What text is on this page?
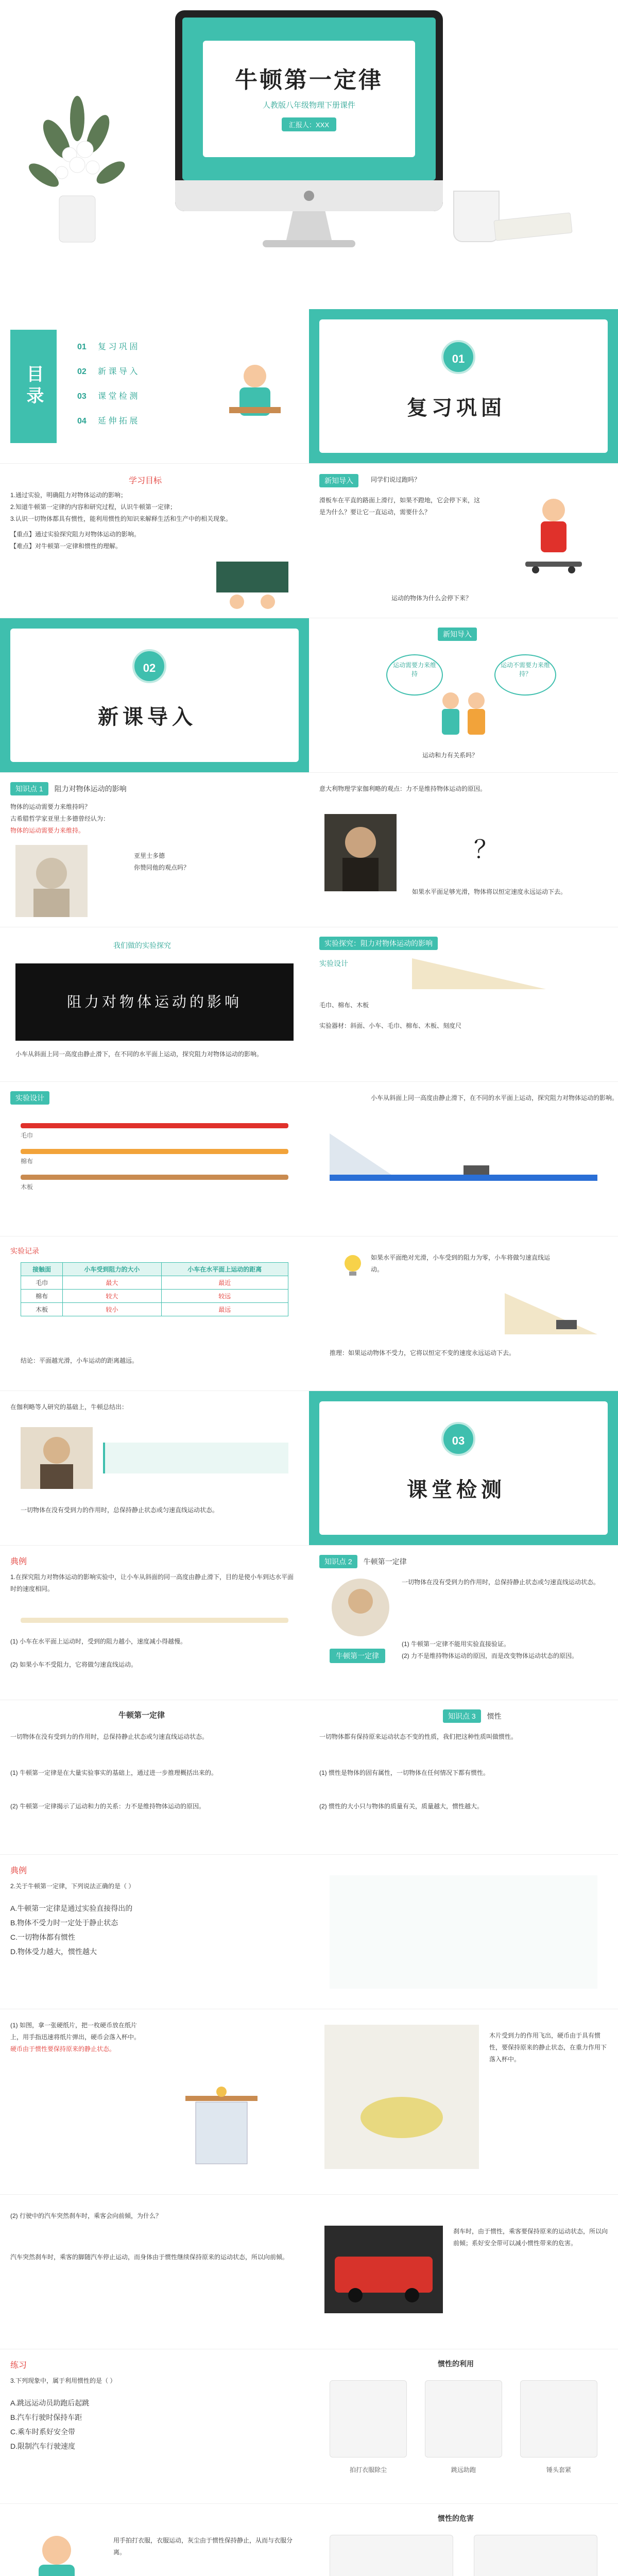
牛顿第一定律
人教版八年级物理下册课件
汇报人：XXX
目录
01 复 习 巩 固
02 新 课 导 入
03 课 堂 检 测
04 延 伸 拓 展
01
复习巩固
学习目标
1.通过实验，明确阻力对物体运动的影响；
2.知道牛顿第一定律的内容和研究过程，认识牛顿第一定律；
3.认识一切物体都具有惯性，能利用惯性的知识来解释生活和生产中的相关现象。
【重点】通过实验探究阻力对物体运动的影响。
【难点】对牛顿第一定律和惯性的理解。
新知导入	同学们说过跑吗？
滑板车在平直的路面上滑行，如果不蹬地，它会停下来，这是为什么？要让它一直运动，需要什么？
运动的物体为什么会停下来？
02
新课导入
新知导入
运动需要力来维持
运动不需要力来维持？
运动和力有关系吗？
知识点 1 阻力对物体运动的影响
物体的运动需要力来维持吗？
古希腊哲学家亚里士多德曾经认为：
物体的运动需要力来维持。
亚里士多德
你赞同他的观点吗？
意大利物理学家伽利略的观点：力不是维持物体运动的原因。
？
如果水平面足够光滑，物体将以恒定速度永远运动下去。
我们做的实验探究
阻力对物体运动的影响
小车从斜面上同一高度由静止滑下，在不同的水平面上运动，探究阻力对物体运动的影响。
实验探究：阻力对物体运动的影响
实验设计
毛巾、棉布、木板
实验器材：斜面、小车、毛巾、棉布、木板、刻度尺
实验设计
毛巾
棉布
木板
小车从斜面上同一高度由静止滑下，在不同的水平面上运动，探究阻力对物体运动的影响。
实验记录
接触面	小车受到阻力的大小	小车在水平面上运动的距离
毛巾	最大	最近
棉布	较大	较远
木板	较小	最远
结论：平面越光滑，小车运动的距离越远。
如果水平面绝对光滑，小车受到的阻力为零，小车将做匀速直线运动。
推理：如果运动物体不受力，它将以恒定不变的速度永远运动下去。
在伽利略等人研究的基础上，牛顿总结出：
一切物体在没有受到力的作用时，总保持静止状态或匀速直线运动状态。
03
课堂检测
典例
1.在探究阻力对物体运动的影响实验中，让小车从斜面的同一高度由静止滑下，目的是使小车到达水平面时的速度相同。
(1) 小车在水平面上运动时，受到的阻力越小，速度减小得越慢。
(2) 如果小车不受阻力，它将做匀速直线运动。
知识点 2 牛顿第一定律
一切物体在没有受到力的作用时，总保持静止状态或匀速直线运动状态。
牛顿第一定律
(1) 牛顿第一定律不能用实验直接验证。
(2) 力不是维持物体运动的原因，而是改变物体运动状态的原因。
牛顿第一定律
一切物体在没有受到力的作用时，总保持静止状态或匀速直线运动状态。
(1) 牛顿第一定律是在大量实验事实的基础上，通过进一步推理概括出来的。
(2) 牛顿第一定律揭示了运动和力的关系：力不是维持物体运动的原因。
知识点 3 惯性
一切物体都有保持原来运动状态不变的性质，我们把这种性质叫做惯性。
(1) 惯性是物体的固有属性，一切物体在任何情况下都有惯性。
(2) 惯性的大小只与物体的质量有关，质量越大，惯性越大。
典例
2.关于牛顿第一定律，下列说法正确的是（ ）
A.牛顿第一定律是通过实验直接得出的
B.物体不受力时一定处于静止状态
C.一切物体都有惯性
D.物体受力越大，惯性越大
(1) 如图，拿一张硬纸片，把一枚硬币放在纸片上，用手指迅速将纸片弹出，硬币会落入杯中。
硬币由于惯性要保持原来的静止状态。
木片受到力的作用飞出，硬币由于具有惯性，要保持原来的静止状态，在重力作用下落入杯中。
(2) 行驶中的汽车突然刹车时，乘客会向前倾，为什么？
汽车突然刹车时，乘客的脚随汽车停止运动，而身体由于惯性继续保持原来的运动状态，所以向前倾。
刹车时，由于惯性，乘客要保持原来的运动状态，所以向前倾；系好安全带可以减小惯性带来的危害。
练习
3.下列现象中，属于利用惯性的是（ ）
A.跳远运动员助跑后起跳
B.汽车行驶时保持车距
C.乘车时系好安全带
D.限制汽车行驶速度
惯性的利用
拍打衣服除尘	跳远助跑	锤头套紧
用手拍打衣服，衣服运动，灰尘由于惯性保持静止，从而与衣服分离。
惯性的危害
